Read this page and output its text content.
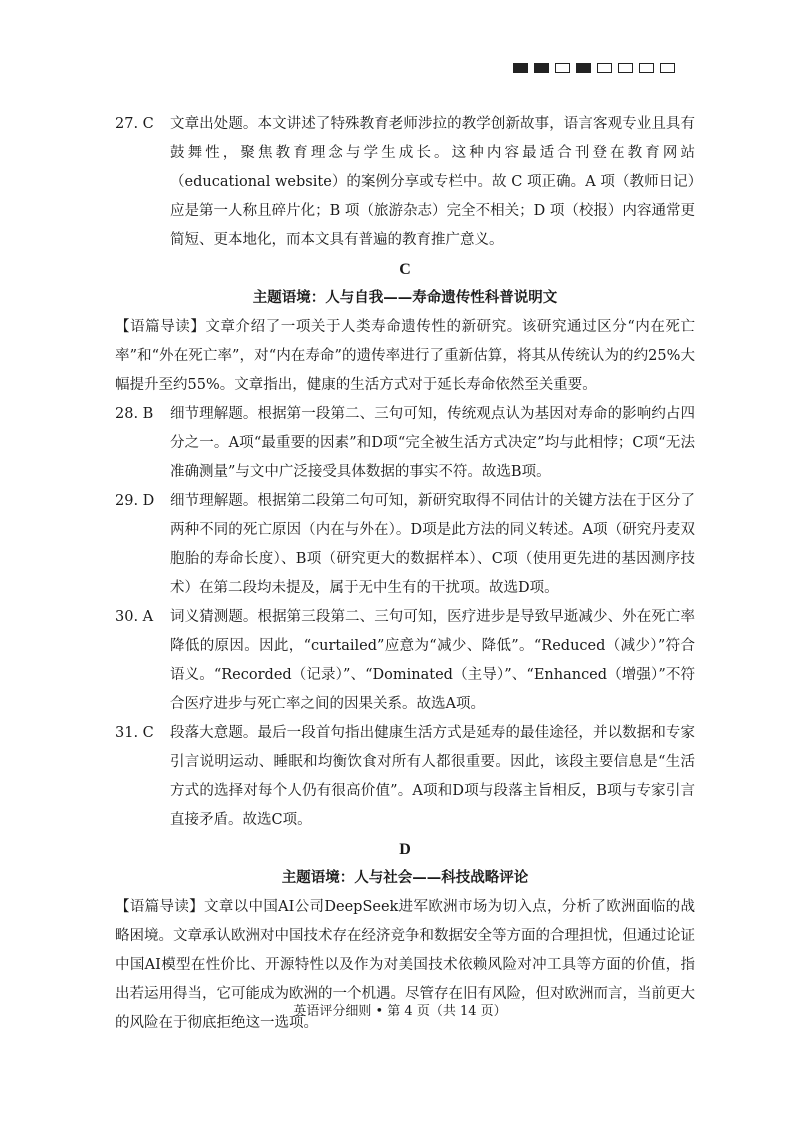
27. C	文章出处题。本文讲述了特殊教育老师涉拉的教学创新故事，语言客观专业且具有鼓舞性，聚焦教育理念与学生成长。这种内容最适合刊登在教育网站（educational website）的案例分享或专栏中。故 C 项正确。A 项（教师日记）应是第一人称且碎片化；B 项（旅游杂志）完全不相关；D 项（校报）内容通常更简短、更本地化，而本文具有普遍的教育推广意义。
C
主题语境：人与自我——寿命遗传性科普说明文
【语篇导读】文章介绍了一项关于人类寿命遗传性的新研究。该研究通过区分“内在死亡率”和“外在死亡率”，对“内在寿命”的遗传率进行了重新估算，将其从传统认为的约25%大幅提升至约55%。文章指出，健康的生活方式对于延长寿命依然至关重要。
28. B	细节理解题。根据第一段第二、三句可知，传统观点认为基因对寿命的影响约占四分之一。A项“最重要的因素”和D项“完全被生活方式决定”均与此相悖；C项“无法准确测量”与文中广泛接受具体数据的事实不符。故选B项。
29. D	细节理解题。根据第二段第二句可知，新研究取得不同估计的关键方法在于区分了两种不同的死亡原因（内在与外在）。D项是此方法的同义转述。A项（研究丹麦双胞胎的寿命长度）、B项（研究更大的数据样本）、C项（使用更先进的基因测序技术）在第二段均未提及，属于无中生有的干扰项。故选D项。
30. A	词义猜测题。根据第三段第二、三句可知，医疗进步是导致早逝减少、外在死亡率降低的原因。因此，“curtailed”应意为“减少、降低”。“Reduced（减少）”符合语义。“Recorded（记录）”、“Dominated（主导）”、“Enhanced（增强）”不符合医疗进步与死亡率之间的因果关系。故选A项。
31. C	段落大意题。最后一段首句指出健康生活方式是延寿的最佳途径，并以数据和专家引言说明运动、睡眠和均衡饮食对所有人都很重要。因此，该段主要信息是“生活方式的选择对每个人仍有很高价值”。A项和D项与段落主旨相反，B项与专家引言直接矛盾。故选C项。
D
主题语境：人与社会——科技战略评论
【语篇导读】文章以中国AI公司DeepSeek进军欧洲市场为切入点，分析了欧洲面临的战略困境。文章承认欧洲对中国技术存在经济竞争和数据安全等方面的合理担忧，但通过论证中国AI模型在性价比、开源特性以及作为对美国技术依赖风险对冲工具等方面的价值，指出若运用得当，它可能成为欧洲的一个机遇。尽管存在旧有风险，但对欧洲而言，当前更大的风险在于彻底拒绝这一选项。
英语评分细则 • 第 4 页（共 14 页）
